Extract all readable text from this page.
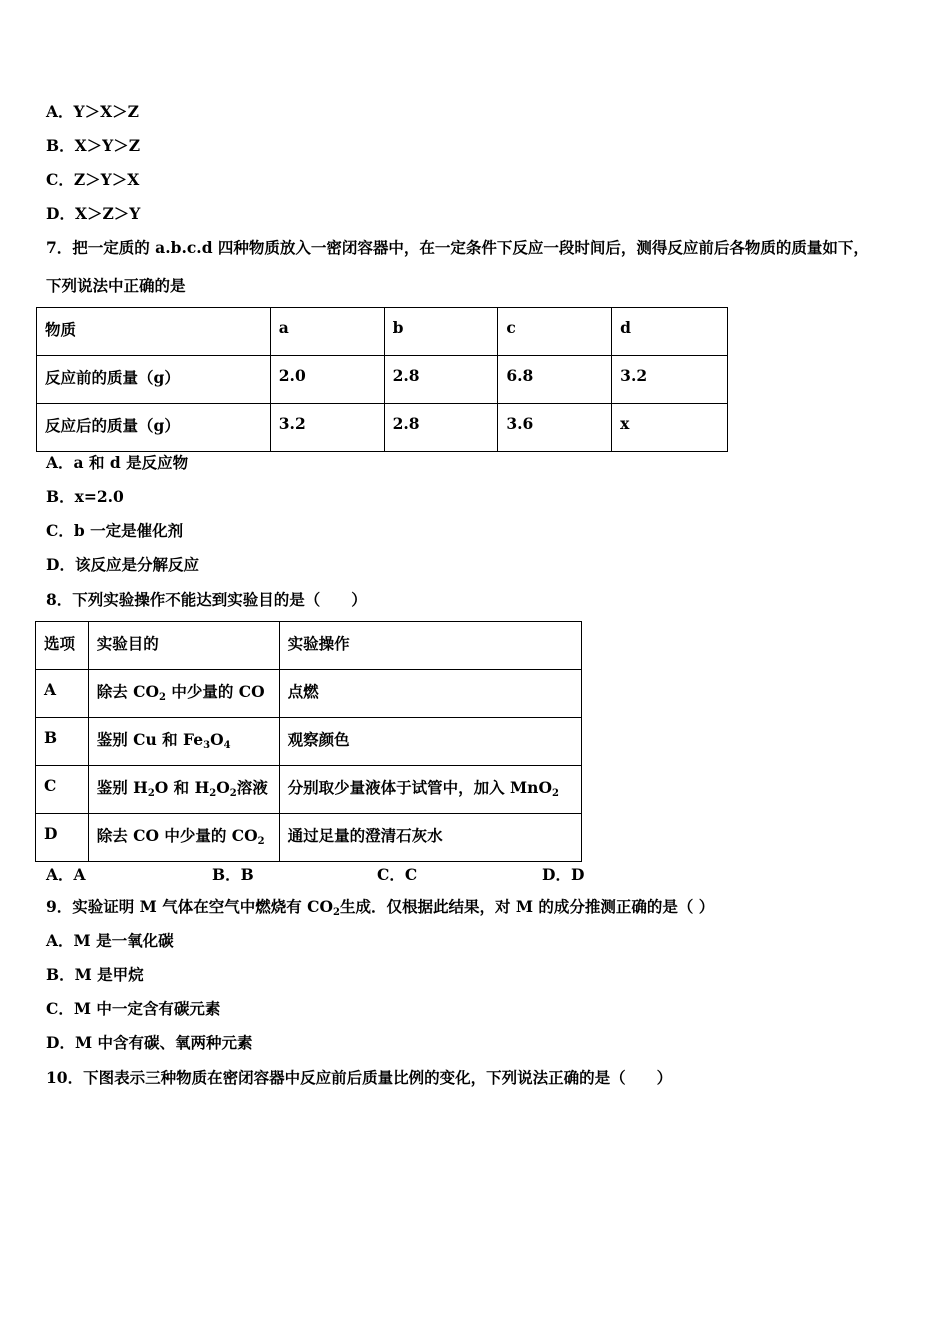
A．Y＞X＞Z
B．X＞Y＞Z
C．Z＞Y＞X
D．X＞Z＞Y
7．把一定质的 a.b.c.d 四种物质放入一密闭容器中，在一定条件下反应一段时间后，测得反应前后各物质的质量如下，
下列说法中正确的是
物质	a	b	c	d
反应前的质量（g）	2.0	2.8	6.8	3.2
反应后的质量（g）	3.2	2.8	3.6	x
A．a 和 d 是反应物
B．x=2.0
C．b 一定是催化剂
D．该反应是分解反应
8．下列实验操作不能达到实验目的是（　　）
选项	实验目的	实验操作
A	除去 $CO_2$ 中少量的 CO	点燃
B	鉴别 Cu 和 $Fe_3O_4$	观察颜色
C	鉴别 $H_2O$ 和 $H_2O_2$溶液	分别取少量液体于试管中，加入 MnO$_2$
D	除去 CO 中少量的 $CO_2$	通过足量的澄清石灰水
A．A	B．B	C．C	D．D
9．实验证明 M 气体在空气中燃烧有 $CO_2$生成．仅根据此结果，对 M 的成分推测正确的是（ ）
A．M 是一氧化碳
B．M 是甲烷
C．M 中一定含有碳元素
D．M 中含有碳、氧两种元素
10．下图表示三种物质在密闭容器中反应前后质量比例的变化，下列说法正确的是（　　）
